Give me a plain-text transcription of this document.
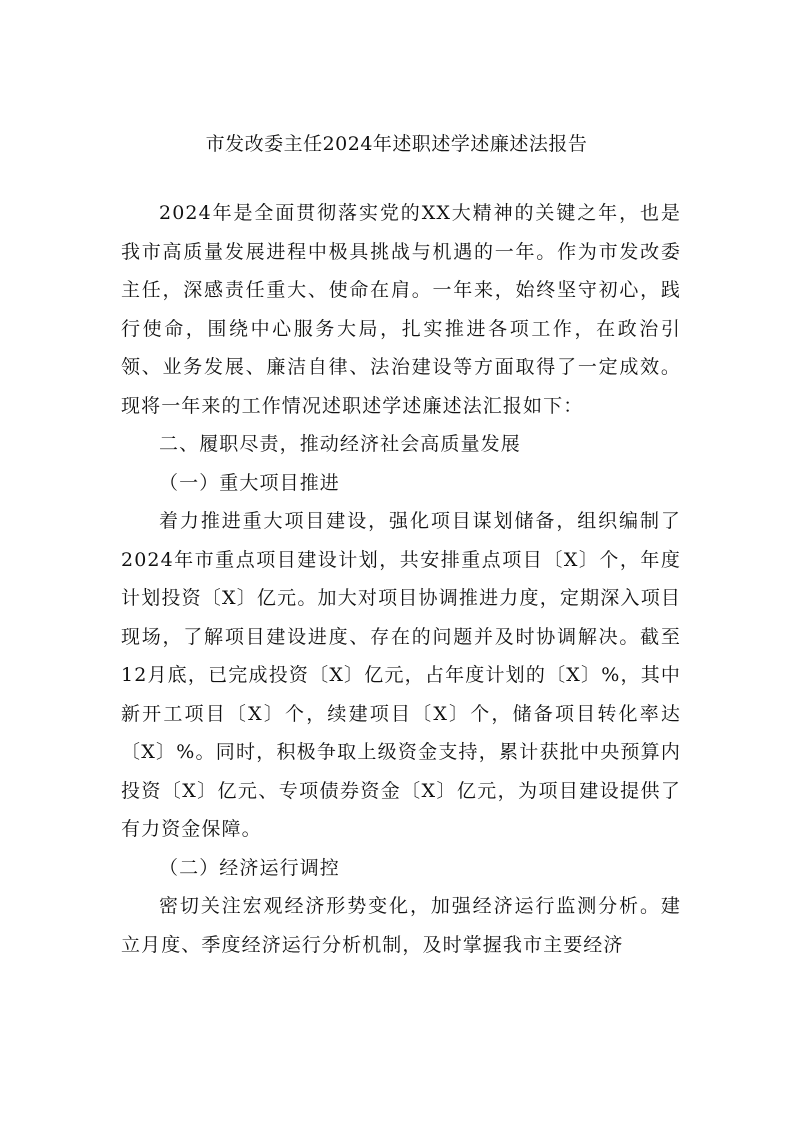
市发改委主任2024年述职述学述廉述法报告

2024年是全面贯彻落实党的XX大精神的关键之年，也是我市高质量发展进程中极具挑战与机遇的一年。作为市发改委主任，深感责任重大、使命在肩。一年来，始终坚守初心，践行使命，围绕中心服务大局，扎实推进各项工作，在政治引领、业务发展、廉洁自律、法治建设等方面取得了一定成效。现将一年来的工作情况述职述学述廉述法汇报如下：

二、履职尽责，推动经济社会高质量发展

（一）重大项目推进

着力推进重大项目建设，强化项目谋划储备，组织编制了2024年市重点项目建设计划，共安排重点项目〔X〕个，年度计划投资〔X〕亿元。加大对项目协调推进力度，定期深入项目现场，了解项目建设进度、存在的问题并及时协调解决。截至12月底，已完成投资〔X〕亿元，占年度计划的〔X〕%，其中新开工项目〔X〕个，续建项目〔X〕个，储备项目转化率达〔X〕%。同时，积极争取上级资金支持，累计获批中央预算内投资〔X〕亿元、专项债券资金〔X〕亿元，为项目建设提供了有力资金保障。

（二）经济运行调控

密切关注宏观经济形势变化，加强经济运行监测分析。建立月度、季度经济运行分析机制，及时掌握我市主要经济
